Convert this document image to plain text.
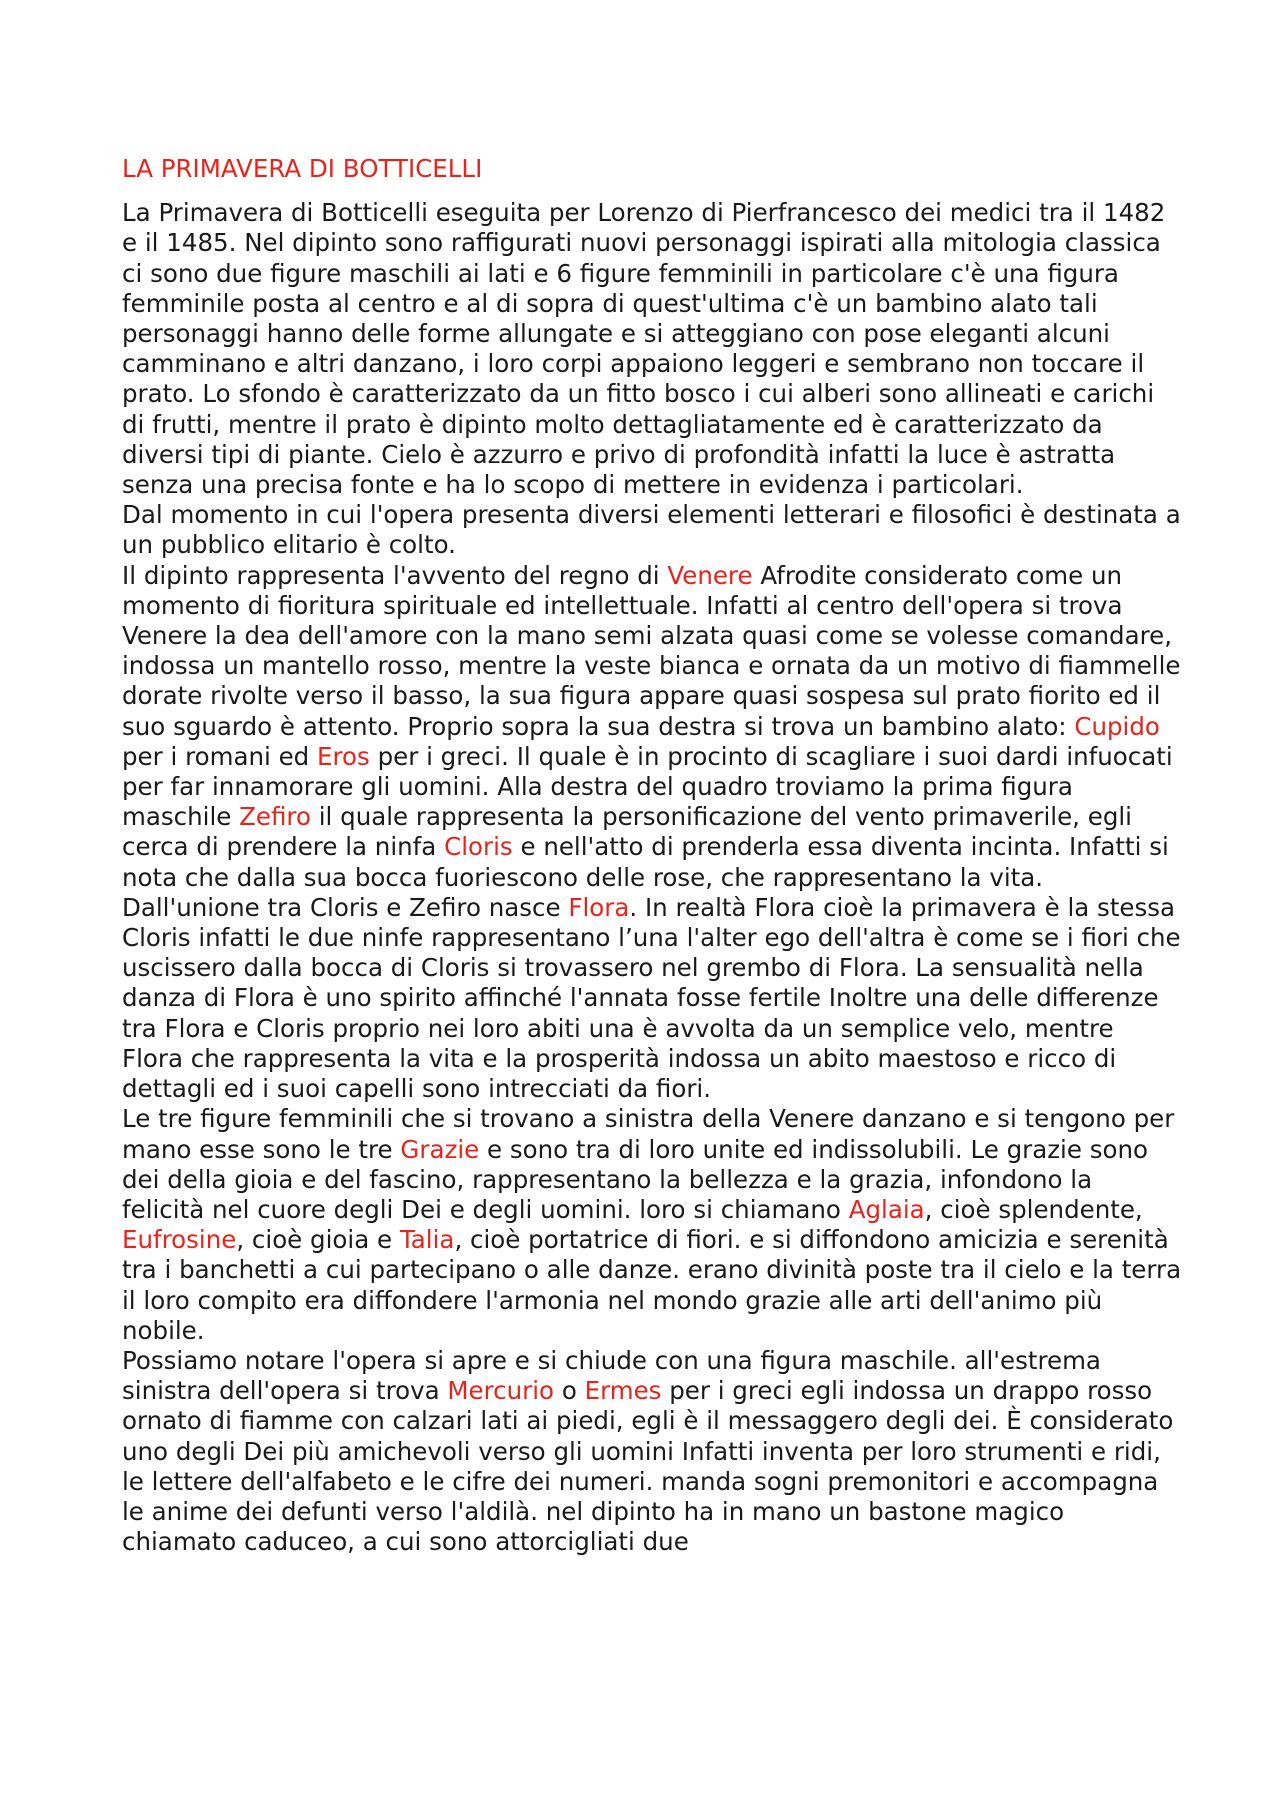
LA PRIMAVERA DI BOTTICELLI

La Primavera di Botticelli eseguita per Lorenzo di Pierfrancesco dei medici tra il 1482 e il 1485. Nel dipinto sono raffigurati nuovi personaggi ispirati alla mitologia classica ci sono due figure maschili ai lati e 6 figure femminili in particolare c'è una figura femminile posta al centro e al di sopra di quest'ultima c'è un bambino alato tali personaggi hanno delle forme allungate e si atteggiano con pose eleganti alcuni camminano e altri danzano, i loro corpi appaiono leggeri e sembrano non toccare il prato. Lo sfondo è caratterizzato da un fitto bosco i cui alberi sono allineati e carichi di frutti, mentre il prato è dipinto molto dettagliatamente ed è caratterizzato da diversi tipi di piante. Cielo è azzurro e privo di profondità infatti la luce è astratta senza una precisa fonte e ha lo scopo di mettere in evidenza i particolari.

Dal momento in cui l'opera presenta diversi elementi letterari e filosofici è destinata a un pubblico elitario è colto.

Il dipinto rappresenta l'avvento del regno di Venere Afrodite considerato come un momento di fioritura spirituale ed intellettuale. Infatti al centro dell'opera si trova Venere la dea dell'amore con la mano semi alzata quasi come se volesse comandare, indossa un mantello rosso, mentre la veste bianca e ornata da un motivo di fiammelle dorate rivolte verso il basso, la sua figura appare quasi sospesa sul prato fiorito ed il suo sguardo è attento. Proprio sopra la sua destra si trova un bambino alato: Cupido per i romani ed Eros per i greci. Il quale è in procinto di scagliare i suoi dardi infuocati per far innamorare gli uomini. Alla destra del quadro troviamo la prima figura maschile Zefiro il quale rappresenta la personificazione del vento primaverile, egli cerca di prendere la ninfa Cloris e nell'atto di prenderla essa diventa incinta. Infatti si nota che dalla sua bocca fuoriescono delle rose, che rappresentano la vita. Dall'unione tra Cloris e Zefiro nasce Flora. In realtà Flora cioè la primavera è la stessa Cloris infatti le due ninfe rappresentano l’una l'alter ego dell'altra è come se i fiori che uscissero dalla bocca di Cloris si trovassero nel grembo di Flora. La sensualità nella danza di Flora è uno spirito affinché l'annata fosse fertile Inoltre una delle differenze tra Flora e Cloris proprio nei loro abiti una è avvolta da un semplice velo, mentre Flora che rappresenta la vita e la prosperità indossa un abito maestoso e ricco di dettagli ed i suoi capelli sono intrecciati da fiori.

Le tre figure femminili che si trovano a sinistra della Venere danzano e si tengono per mano esse sono le tre Grazie e sono tra di loro unite ed indissolubili. Le grazie sono dei della gioia e del fascino, rappresentano la bellezza e la grazia, infondono la felicità nel cuore degli Dei e degli uomini. loro si chiamano Aglaia, cioè splendente, Eufrosine, cioè gioia e Talia, cioè portatrice di fiori. e si diffondono amicizia e serenità tra i banchetti a cui partecipano o alle danze. erano divinità poste tra il cielo e la terra il loro compito era diffondere l'armonia nel mondo grazie alle arti dell'animo più nobile.

Possiamo notare l'opera si apre e si chiude con una figura maschile. all'estrema sinistra dell'opera si trova Mercurio o Ermes per i greci egli indossa un drappo rosso ornato di fiamme con calzari lati ai piedi, egli è il messaggero degli dei. È considerato uno degli Dei più amichevoli verso gli uomini Infatti inventa per loro strumenti e ridi, le lettere dell'alfabeto e le cifre dei numeri. manda sogni premonitori e accompagna le anime dei defunti verso l'aldilà. nel dipinto ha in mano un bastone magico chiamato caduceo, a cui sono attorcigliati due
